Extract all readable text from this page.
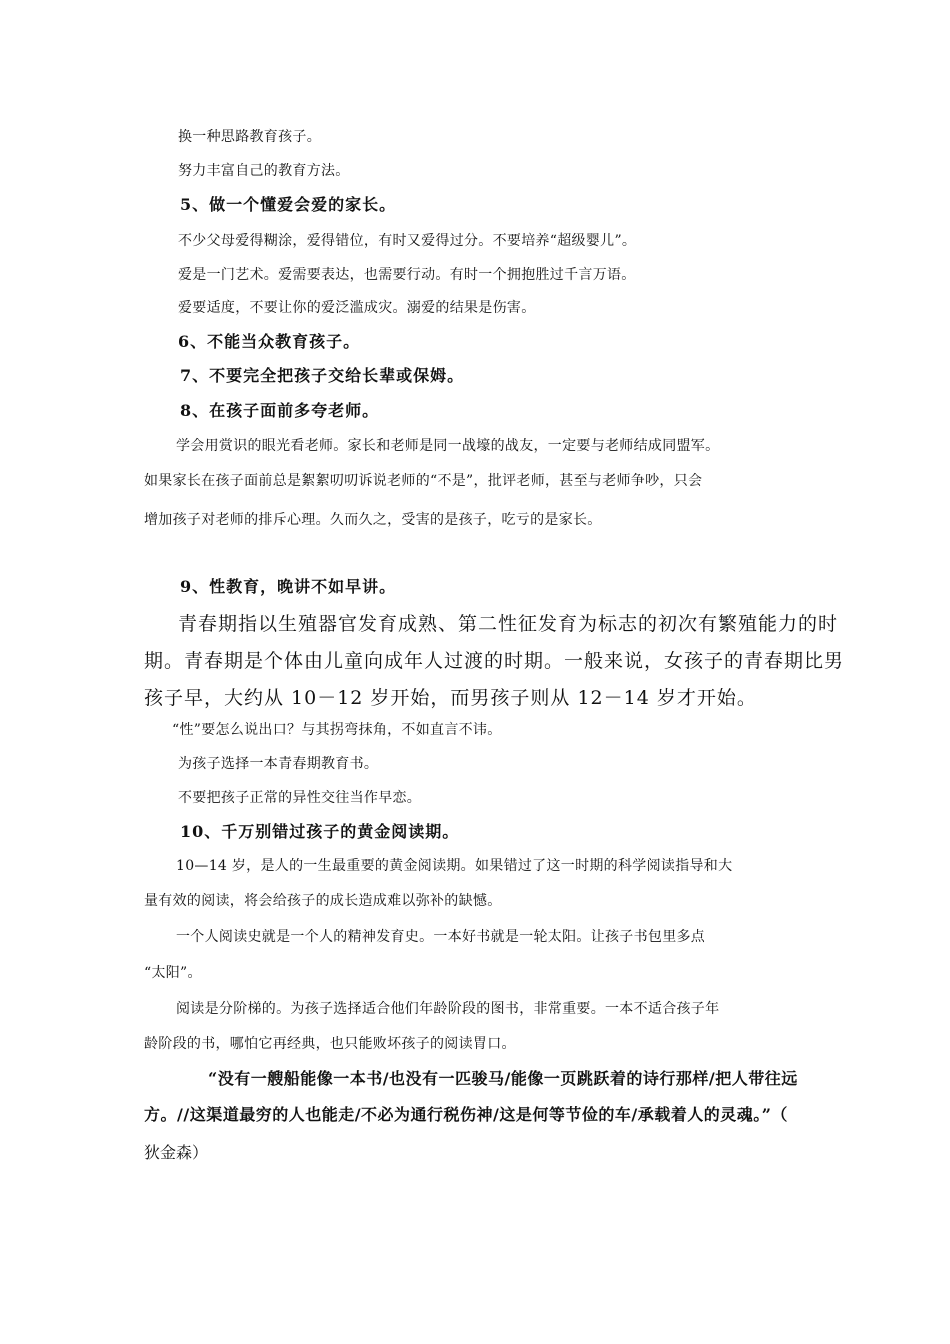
换一种思路教育孩子。
努力丰富自己的教育方法。
5、做一个懂爱会爱的家长。
不少父母爱得糊涂，爱得错位，有时又爱得过分。不要培养“超级婴儿”。
爱是一门艺术。爱需要表达，也需要行动。有时一个拥抱胜过千言万语。
爱要适度，不要让你的爱泛滥成灾。溺爱的结果是伤害。
6、不能当众教育孩子。
7、不要完全把孩子交给长辈或保姆。
8、在孩子面前多夸老师。
学会用赏识的眼光看老师。家长和老师是同一战壕的战友，一定要与老师结成同盟军。
如果家长在孩子面前总是絮絮叨叨诉说老师的“不是”，批评老师，甚至与老师争吵，只会
增加孩子对老师的排斥心理。久而久之，受害的是孩子，吃亏的是家长。
9、性教育，晚讲不如早讲。
青春期指以生殖器官发育成熟、第二性征发育为标志的初次有繁殖能力的时
期。青春期是个体由儿童向成年人过渡的时期。一般来说，女孩子的青春期比男
孩子早，大约从 10－12 岁开始，而男孩子则从 12－14 岁才开始。
“性”要怎么说出口？与其拐弯抹角，不如直言不讳。
为孩子选择一本青春期教育书。
不要把孩子正常的异性交往当作早恋。
10、千万别错过孩子的黄金阅读期。
10—14 岁，是人的一生最重要的黄金阅读期。如果错过了这一时期的科学阅读指导和大
量有效的阅读，将会给孩子的成长造成难以弥补的缺憾。
一个人阅读史就是一个人的精神发育史。一本好书就是一轮太阳。让孩子书包里多点
“太阳”。
阅读是分阶梯的。为孩子选择适合他们年龄阶段的图书，非常重要。一本不适合孩子年
龄阶段的书，哪怕它再经典，也只能败坏孩子的阅读胃口。
“没有一艘船能像一本书/也没有一匹骏马/能像一页跳跃着的诗行那样/把人带往远
方。//这渠道最穷的人也能走/不必为通行税伤神/这是何等节俭的车/承载着人的灵魂。”（
狄金森）
